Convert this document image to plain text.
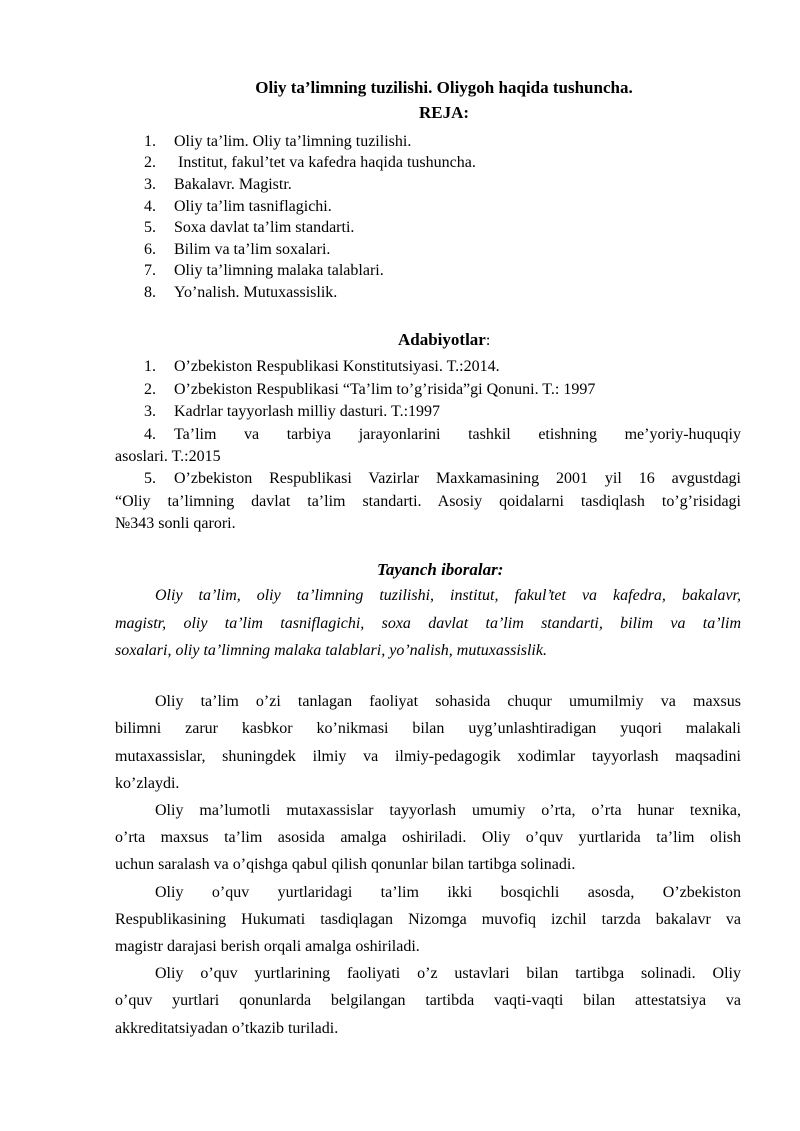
Oliy ta’limning tuzilishi. Oliygoh haqida tushuncha.
REJA:
1. Oliy ta’lim. Oliy ta’limning tuzilishi.
2. Institut, fakul’tet va kafedra haqida tushuncha.
3. Bakalavr. Magistr.
4. Oliy ta’lim tasniflagichi.
5. Soxa davlat ta’lim standarti.
6. Bilim va ta’lim soxalari.
7. Oliy ta’limning malaka talablari.
8. Yo’nalish. Mutuxassislik.
Adabiyotlar:
1. O’zbekiston Respublikasi Konstitutsiyasi. T.:2014.
2. O’zbekiston Respublikasi “Ta’lim to’g’risida”gi Qonuni. T.: 1997
3. Kadrlar tayyorlash milliy dasturi. T.:1997
4.	Ta’lim va tarbiya jarayonlarini tashkil etishning me’yoriy-huquqiy
asoslari. T.:2015
5.	O’zbekiston Respublikasi Vazirlar Maxkamasining 2001 yil 16 avgustdagi
“Oliy ta’limning davlat ta’lim standarti. Asosiy qoidalarni tasdiqlash to’g’risidagi
№343 sonli qarori.
Tayanch iboralar:
Oliy ta’lim, oliy ta’limning tuzilishi, institut, fakul’tet va kafedra, bakalavr,
magistr, oliy ta’lim tasniflagichi, soxa davlat ta’lim standarti, bilim va ta’lim
soxalari, oliy ta’limning malaka talablari, yo’nalish, mutuxassislik.
Oliy ta’lim o’zi tanlagan faoliyat sohasida chuqur umumilmiy va maxsus
bilimni zarur kasbkor ko’nikmasi bilan uyg’unlashtiradigan yuqori malakali
mutaxassislar, shuningdek ilmiy va ilmiy-pedagogik xodimlar tayyorlash maqsadini
ko’zlaydi.
Oliy ma’lumotli mutaxassislar tayyorlash umumiy o’rta, o’rta hunar texnika,
o’rta maxsus ta’lim asosida amalga oshiriladi. Oliy o’quv yurtlarida ta’lim olish
uchun saralash va o’qishga qabul qilish qonunlar bilan tartibga solinadi.
Oliy o’quv yurtlaridagi ta’lim ikki bosqichli asosda, O’zbekiston
Respublikasining Hukumati tasdiqlagan Nizomga muvofiq izchil tarzda bakalavr va
magistr darajasi berish orqali amalga oshiriladi.
Oliy o’quv yurtlarining faoliyati o’z ustavlari bilan tartibga solinadi. Oliy
o’quv yurtlari qonunlarda belgilangan tartibda vaqti-vaqti bilan attestatsiya va
akkreditatsiyadan o’tkazib turiladi.
